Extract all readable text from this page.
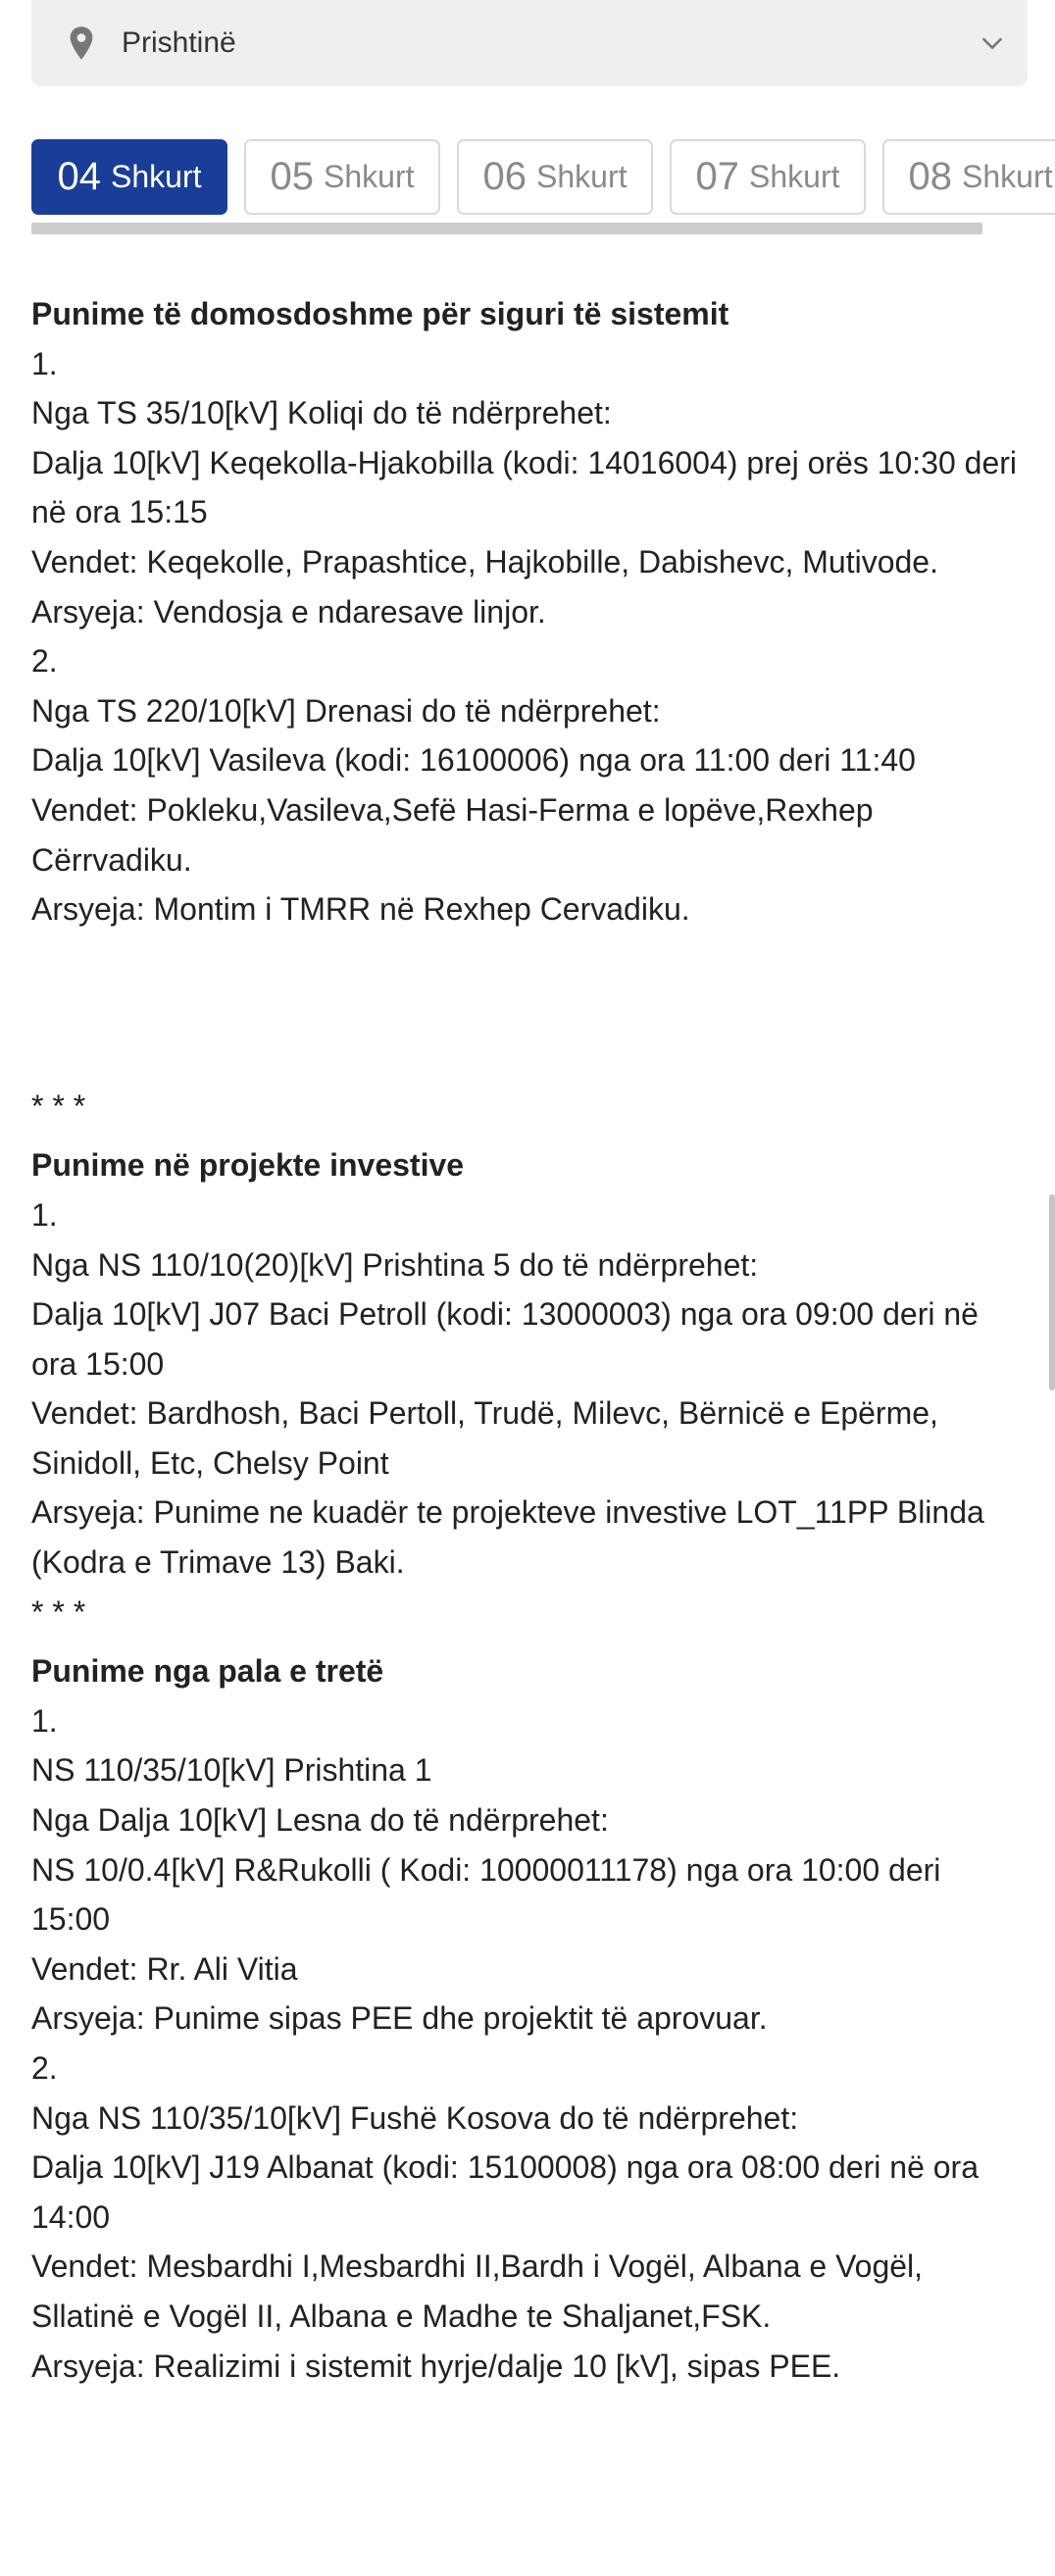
Prishtinë
04 Shkurt 05 Shkurt 06 Shkurt 07 Shkurt 08 Shkurt

Punime të domosdoshme për siguri të sistemit

1.

Nga TS 35/10[kV] Koliqi do të ndërprehet:

Dalja 10[kV] Keqekolla-Hjakobilla (kodi: 14016004) prej orës 10:30 deri në ora 15:15

Vendet: Keqekolle, Prapashtice, Hajkobille, Dabishevc, Mutivode.

Arsyeja: Vendosja e ndaresave linjor.

2.

Nga TS 220/10[kV] Drenasi do të ndërprehet:

Dalja 10[kV] Vasileva (kodi: 16100006) nga ora 11:00 deri 11:40

Vendet: Pokleku,Vasileva,Sefë Hasi-Ferma e lopëve,Rexhep Cërrvadiku.

Arsyeja: Montim i TMRR në Rexhep Cervadiku.

* * *

Punime në projekte investive

1.

Nga NS 110/10(20)[kV] Prishtina 5 do të ndërprehet:

Dalja 10[kV] J07 Baci Petroll (kodi: 13000003) nga ora 09:00 deri në ora 15:00

Vendet: Bardhosh, Baci Pertoll, Trudë, Milevc, Bërnicë e Epërme, Sinidoll, Etc, Chelsy Point

Arsyeja: Punime ne kuadër te projekteve investive LOT_11PP Blinda (Kodra e Trimave 13) Baki.

* * *

Punime nga pala e tretë

1.

NS 110/35/10[kV] Prishtina 1

Nga Dalja 10[kV] Lesna do të ndërprehet:

NS 10/0.4[kV] R&Rukolli ( Kodi: 10000011178) nga ora 10:00 deri 15:00

Vendet: Rr. Ali Vitia

Arsyeja: Punime sipas PEE dhe projektit të aprovuar.

2.

Nga NS 110/35/10[kV] Fushë Kosova do të ndërprehet:

Dalja 10[kV] J19 Albanat (kodi: 15100008) nga ora 08:00 deri në ora 14:00

Vendet: Mesbardhi I,Mesbardhi II,Bardh i Vogël, Albana e Vogël, Sllatinë e Vogël II, Albana e Madhe te Shaljanet,FSK.

Arsyeja: Realizimi i sistemit hyrje/dalje 10 [kV], sipas PEE.
